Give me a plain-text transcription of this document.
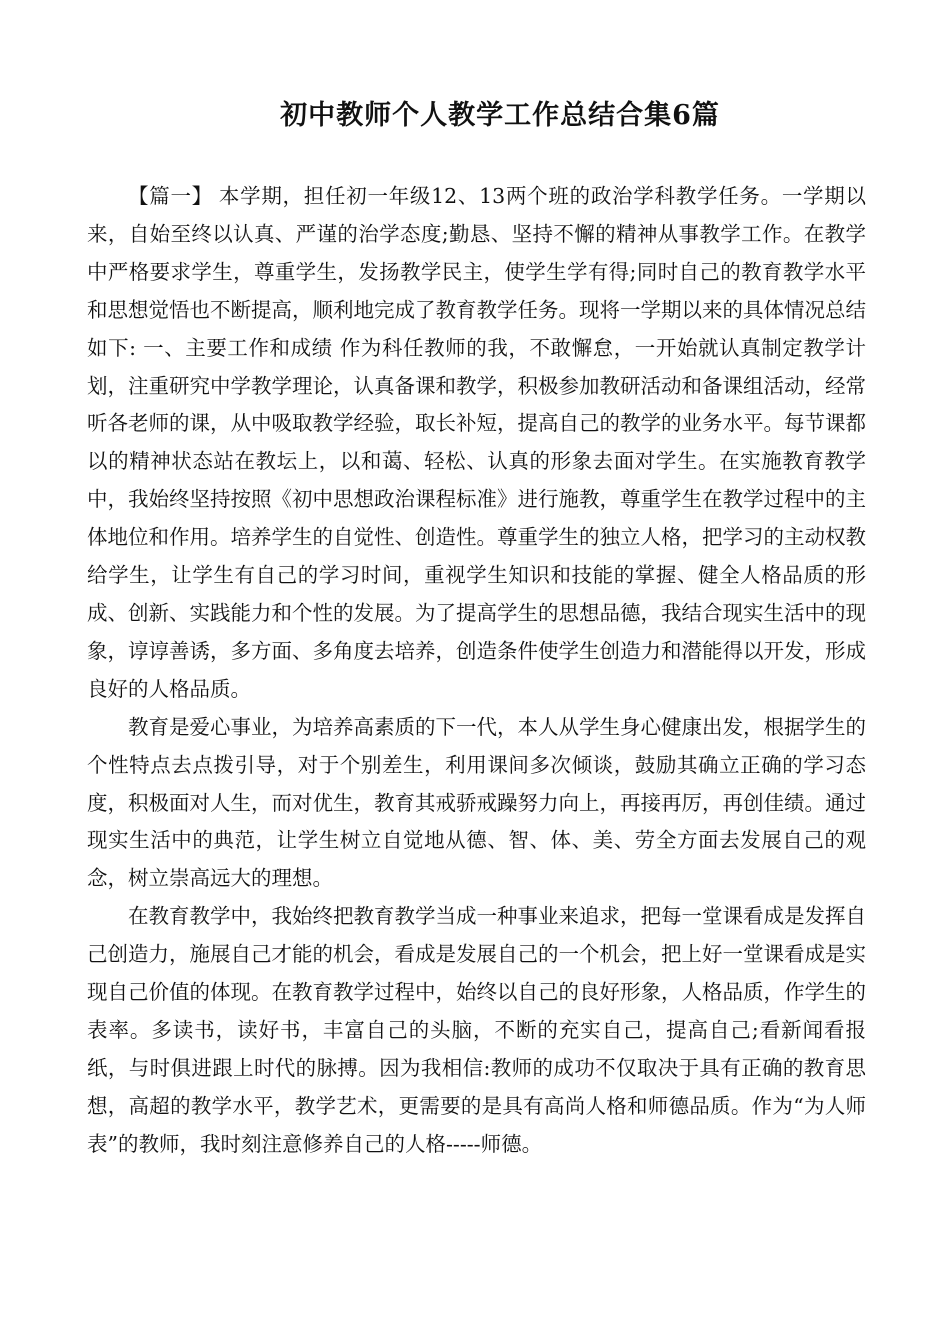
初中教师个人教学工作总结合集6篇

【篇一】 本学期，担任初一年级12、13两个班的政治学科教学任务。一学期以来，自始至终以认真、严谨的治学态度;勤恳、坚持不懈的精神从事教学工作。在教学中严格要求学生，尊重学生，发扬教学民主，使学生学有得;同时自己的教育教学水平和思想觉悟也不断提高，顺利地完成了教育教学任务。现将一学期以来的具体情况总结如下: 一、主要工作和成绩 作为科任教师的我，不敢懈怠，一开始就认真制定教学计划，注重研究中学教学理论，认真备课和教学，积极参加教研活动和备课组活动，经常听各老师的课，从中吸取教学经验，取长补短，提高自己的教学的业务水平。每节课都以的精神状态站在教坛上，以和蔼、轻松、认真的形象去面对学生。在实施教育教学中，我始终坚持按照《初中思想政治课程标准》进行施教，尊重学生在教学过程中的主体地位和作用。培养学生的自觉性、创造性。尊重学生的独立人格，把学习的主动权教给学生，让学生有自己的学习时间，重视学生知识和技能的掌握、健全人格品质的形成、创新、实践能力和个性的发展。为了提高学生的思想品德，我结合现实生活中的现象，谆谆善诱，多方面、多角度去培养，创造条件使学生创造力和潜能得以开发，形成良好的人格品质。

教育是爱心事业，为培养高素质的下一代，本人从学生身心健康出发，根据学生的个性特点去点拨引导，对于个别差生，利用课间多次倾谈，鼓励其确立正确的学习态度，积极面对人生，而对优生，教育其戒骄戒躁努力向上，再接再厉，再创佳绩。通过现实生活中的典范，让学生树立自觉地从德、智、体、美、劳全方面去发展自己的观念，树立崇高远大的理想。

在教育教学中，我始终把教育教学当成一种事业来追求，把每一堂课看成是发挥自己创造力，施展自己才能的机会，看成是发展自己的一个机会，把上好一堂课看成是实现自己价值的体现。在教育教学过程中，始终以自己的良好形象，人格品质，作学生的表率。多读书，读好书，丰富自己的头脑，不断的充实自己，提高自己;看新闻看报纸，与时俱进跟上时代的脉搏。因为我相信:教师的成功不仅取决于具有正确的教育思想，高超的教学水平，教学艺术，更需要的是具有高尚人格和师德品质。作为“为人师表”的教师，我时刻注意修养自己的人格-----师德。
